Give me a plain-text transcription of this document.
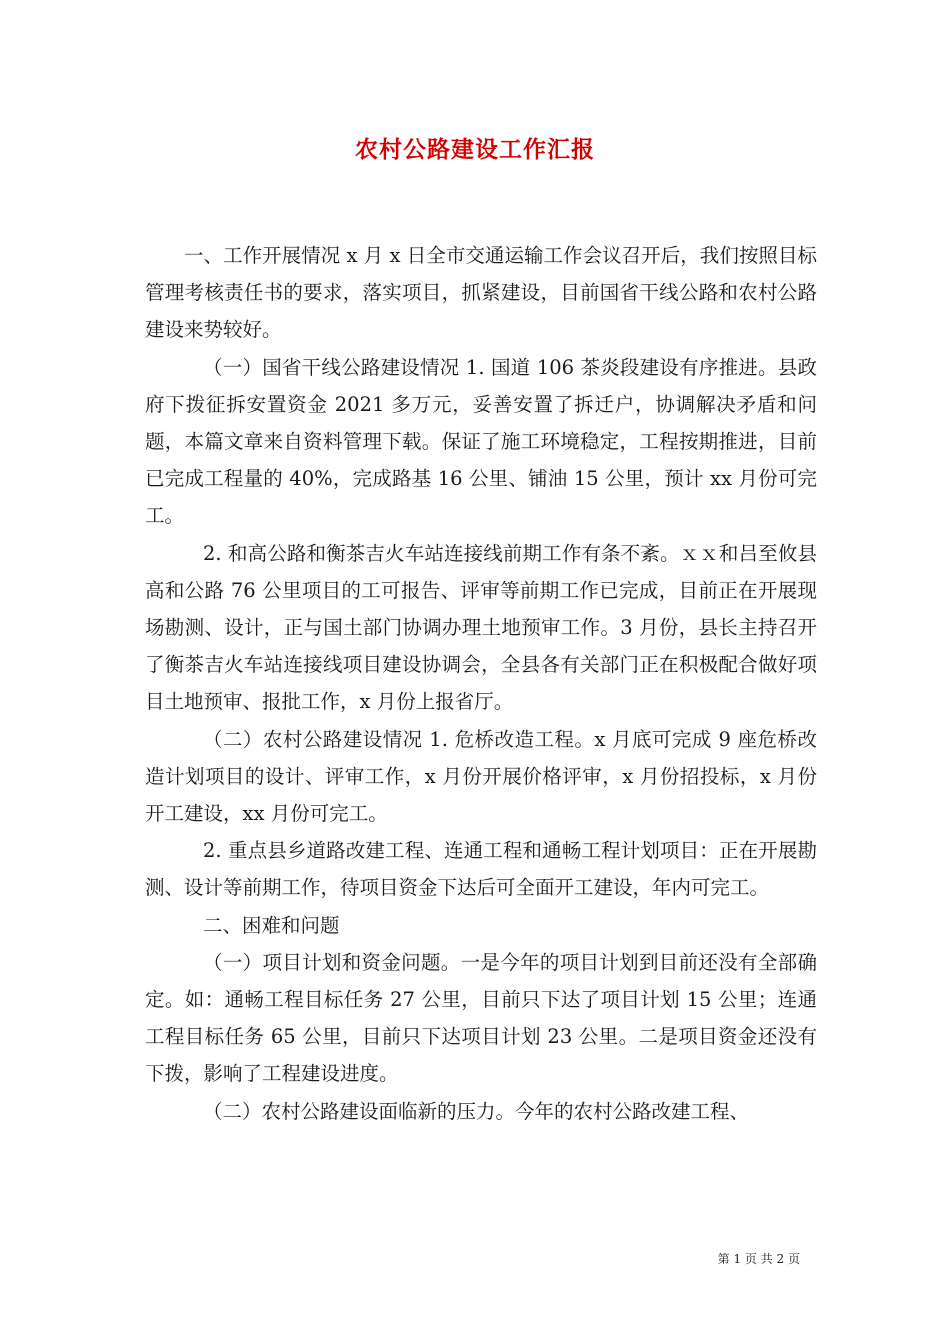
农村公路建设工作汇报

一、工作开展情况 x 月 x 日全市交通运输工作会议召开后，我们按照目标管理考核责任书的要求，落实项目，抓紧建设，目前国省干线公路和农村公路建设来势较好。

（一）国省干线公路建设情况 1. 国道 106 茶炎段建设有序推进。县政府下拨征拆安置资金 2021 多万元，妥善安置了拆迁户，协调解决矛盾和问题，本篇文章来自资料管理下载。保证了施工环境稳定，工程按期推进，目前已完成工程量的 40%，完成路基 16 公里、铺油 15 公里，预计 xx 月份可完工。

2. 和高公路和衡茶吉火车站连接线前期工作有条不紊。ｘｘ和吕至攸县高和公路 76 公里项目的工可报告、评审等前期工作已完成，目前正在开展现场勘测、设计，正与国土部门协调办理土地预审工作。3 月份，县长主持召开了衡茶吉火车站连接线项目建设协调会，全县各有关部门正在积极配合做好项目土地预审、报批工作，x 月份上报省厅。

（二）农村公路建设情况 1. 危桥改造工程。x 月底可完成 9 座危桥改造计划项目的设计、评审工作，x 月份开展价格评审，x 月份招投标，x 月份开工建设，xx 月份可完工。

2. 重点县乡道路改建工程、连通工程和通畅工程计划项目：正在开展勘测、设计等前期工作，待项目资金下达后可全面开工建设，年内可完工。

二、困难和问题

（一）项目计划和资金问题。一是今年的项目计划到目前还没有全部确定。如：通畅工程目标任务 27 公里，目前只下达了项目计划 15 公里；连通工程目标任务 65 公里，目前只下达项目计划 23 公里。二是项目资金还没有下拨，影响了工程建设进度。

（二）农村公路建设面临新的压力。今年的农村公路改建工程、

第 1 页 共 2 页
